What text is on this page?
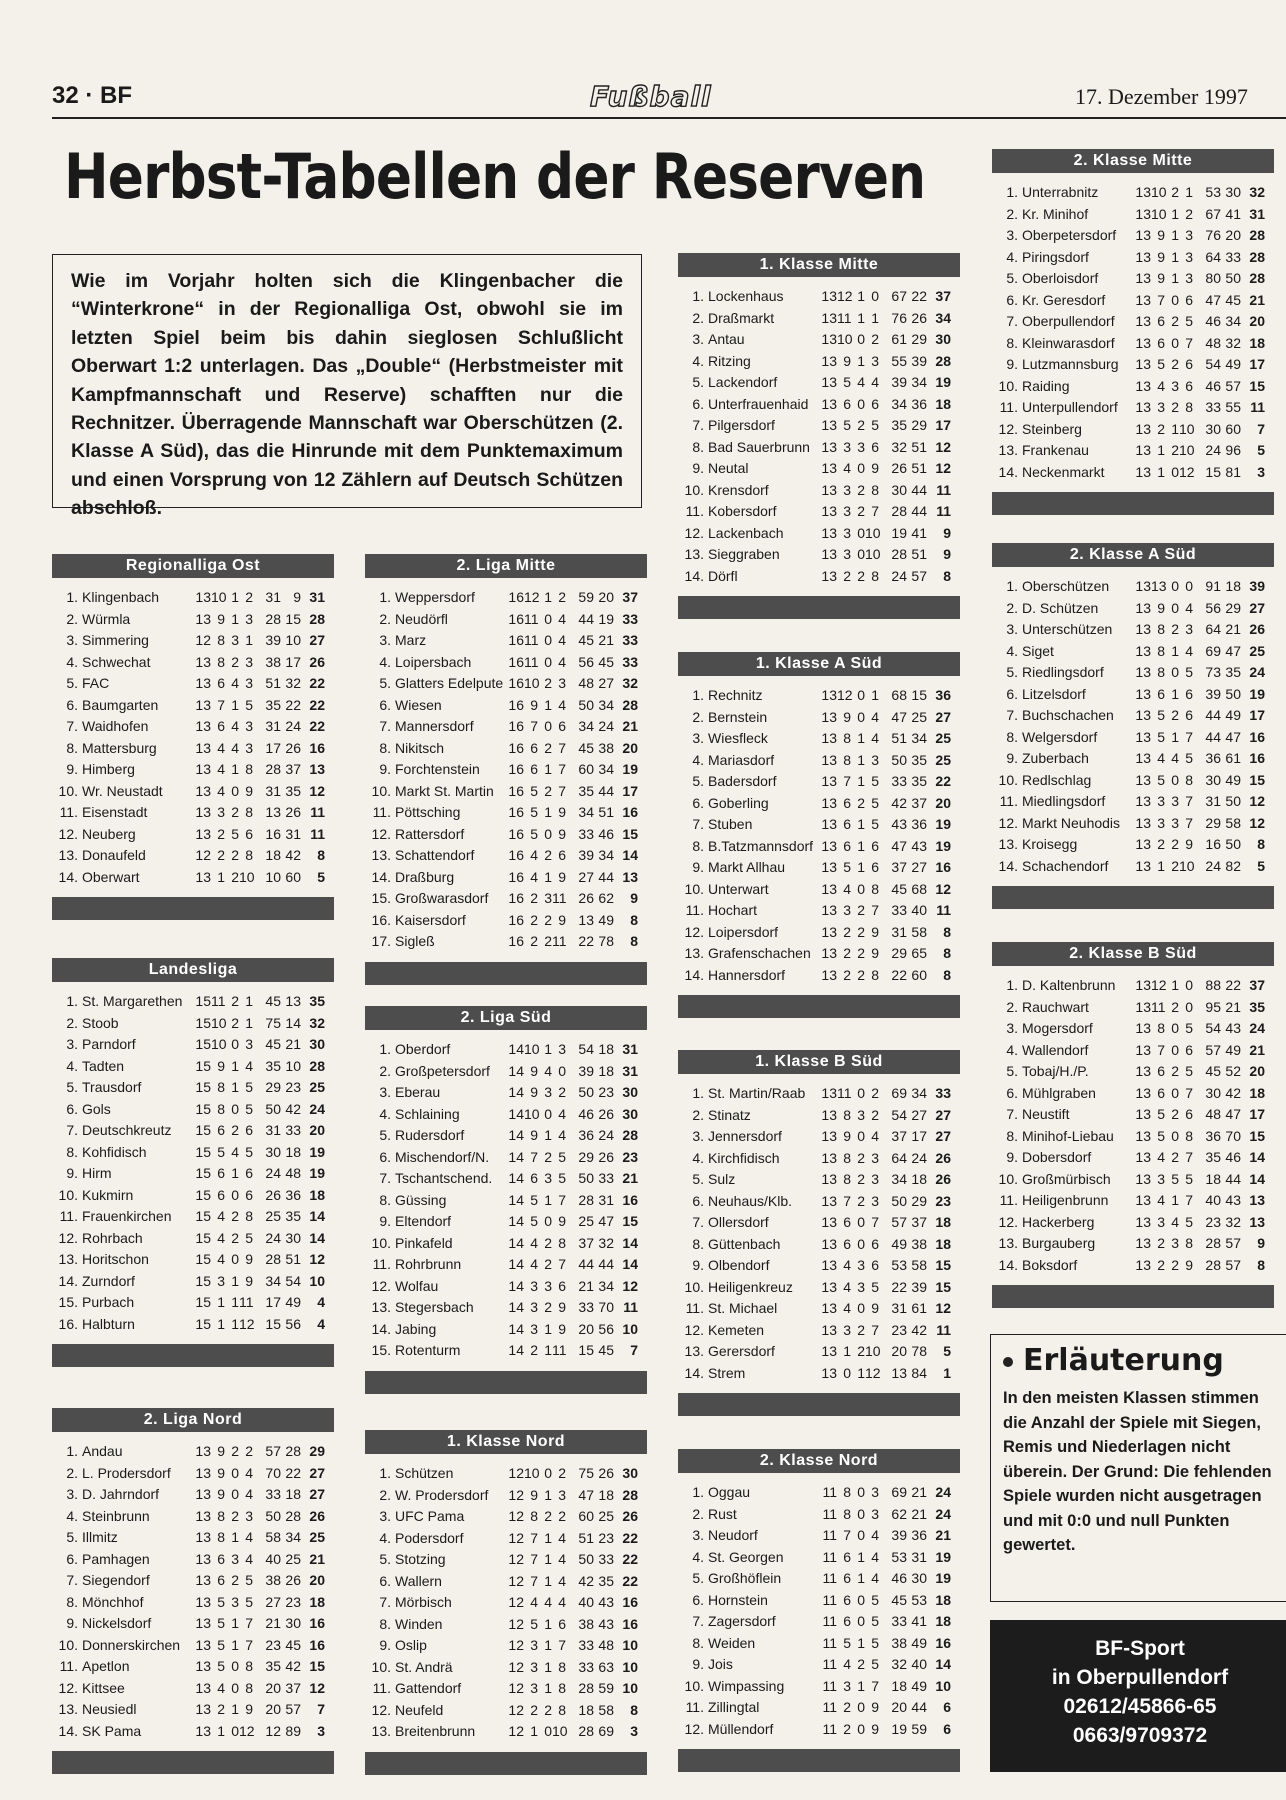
32 · BF	Fußball	17. Dezember 1997
Herbst-Tabellen der Reserven
Wie im Vorjahr holten sich die Klingenbacher die “Winterkrone“ in der Regionalliga Ost, obwohl sie im letzten Spiel beim bis dahin sieglosen Schlußlicht Oberwart 1:2 unterlagen. Das „Double“ (Herbstmeister mit Kampfmannschaft und Reserve) schafften nur die Rechnitzer. Überragende Mannschaft war Oberschützen (2. Klasse A Süd), das die Hinrunde mit dem Punktemaximum und einen Vorsprung von 12 Zählern auf Deutsch Schützen abschloß.
Regionalliga Ost
1. Klingenbach	13 10 1 2 31 9 31
2. Würmla	13 9 1 3 28 15 28
3. Simmering	12 8 3 1 39 10 27
4. Schwechat	13 8 2 3 38 17 26
5. FAC	13 6 4 3 51 32 22
6. Baumgarten	13 7 1 5 35 22 22
7. Waidhofen	13 6 4 3 31 24 22
8. Mattersburg	13 4 4 3 17 26 16
9. Himberg	13 4 1 8 28 37 13
10. Wr. Neustadt	13 4 0 9 31 35 12
11. Eisenstadt	13 3 2 8 13 26 11
12. Neuberg	13 2 5 6 16 31 11
13. Donaufeld	12 2 2 8 18 42	8
14. Oberwart	13 1 2 10 10 60	5
Landesliga
1. St. Margarethen 15 11 2 1 45 13 35
2. Stoob	15 10 2 1 75 14 32
3. Parndorf	15 10 0 3 45 21 30
4. Tadten	15 9 1 4 35 10 28
5. Trausdorf	15 8 1 5 29 23 25
6. Gols	15 8 0 5 50 42 24
7. Deutschkreutz	15 6 2 6 31 33 20
8. Kohfidisch	15 5 4 5 30 18 19
9. Hirm	15 6 1 6 24 48 19
10. Kukmirn	15 6 0 6 26 36 18
11. Frauenkirchen	15 4 2 8 25 35 14
12. Rohrbach	15 4 2 5 24 30 14
13. Horitschon	15 4 0 9 28 51 12
14. Zurndorf	15 3 1 9 34 54 10
15. Purbach	15 1 1 11 17 49	4
16. Halbturn	15 1 1 12 15 56	4
2. Liga Nord
1. Andau	13 9 2 2 57 28 29
2. L. Prodersdorf	13 9 0 4 70 22 27
3. D. Jahrndorf	13 9 0 4 33 18 27
4. Steinbrunn	13 8 2 3 50 28 26
5. Illmitz	13 8 1 4 58 34 25
6. Pamhagen	13 6 3 4 40 25 21
7. Siegendorf	13 6 2 5 38 26 20
8. Mönchhof	13 5 3 5 27 23 18
9. Nickelsdorf	13 5 1 7 21 30 16
10. Donnerskirchen	13 5 1 7 23 45 16
11. Apetlon	13 5 0 8 35 42 15
12. Kittsee	13 4 0 8 20 37 12
13. Neusiedl	13 2 1 9 20 57	7
14. SK Pama	13 1 0 12 12 89	3
2. Liga Mitte
1. Weppersdorf	16 12 1 2 59 20 37
2. Neudörfl	16 11 0 4 44 19 33
3. Marz	16 11 0 4 45 21 33
4. Loipersbach	16 11 0 4 56 45 33
5. Glatters Edelpute 16 10 2 3 48 27 32
6. Wiesen	16 9 1 4 50 34 28
7. Mannersdorf	16 7 0 6 34 24 21
8. Nikitsch	16 6 2 7 45 38 20
9. Forchtenstein	16 6 1 7 60 34 19
10. Markt St. Martin	16 5 2 7 35 44 17
11. Pöttsching	16 5 1 9 34 51 16
12. Rattersdorf	16 5 0 9 33 46 15
13. Schattendorf	16 4 2 6 39 34 14
14. Draßburg	16 4 1 9 27 44 13
15. Großwarasdorf	16 2 3 11 26 62	9
16. Kaisersdorf	16 2 2 9 13 49	8
17. Sigleß	16 2 2 11 22 78	8
2. Liga Süd
1. Oberdorf	14 10 1 3 54 18 31
2. Großpetersdorf	14 9 4 0 39 18 31
3. Eberau	14 9 3 2 50 23 30
4. Schlaining	14 10 0 4 46 26 30
5. Rudersdorf	14 9 1 4 36 24 28
6. Mischendorf/N.	14 7 2 5 29 26 23
7. Tschantschend.	14 6 3 5 50 33 21
8. Güssing	14 5 1 7 28 31 16
9. Eltendorf	14 5 0 9 25 47 15
10. Pinkafeld	14 4 2 8 37 32 14
11. Rohrbrunn	14 4 2 7 44 44 14
12. Wolfau	14 3 3 6 21 34 12
13. Stegersbach	14 3 2 9 33 70 11
14. Jabing	14 3 1 9 20 56 10
15. Rotenturm	14 2 1 11 15 45	7
1. Klasse Nord
1. Schützen	12 10 0 2 75 26 30
2. W. Prodersdorf	12 9 1 3 47 18 28
3. UFC Pama	12 8 2 2 60 25 26
4. Podersdorf	12 7 1 4 51 23 22
5. Stotzing	12 7 1 4 50 33 22
6. Wallern	12 7 1 4 42 35 22
7. Mörbisch	12 4 4 4 40 43 16
8. Winden	12 5 1 6 38 43 16
9. Oslip	12 3 1 7 33 48 10
10. St. Andrä	12 3 1 8 33 63 10
11. Gattendorf	12 3 1 8 28 59 10
12. Neufeld	12 2 2 8 18 58	8
13. Breitenbrunn	12 1 0 10 28 69	3
1. Klasse Mitte
1. Lockenhaus	13 12 1 0 67 22 37
2. Draßmarkt	13 11 1 1 76 26 34
3. Antau	13 10 0 2 61 29 30
4. Ritzing	13 9 1 3 55 39 28
5. Lackendorf	13 5 4 4 39 34 19
6. Unterfrauenhaid 13 6 0 6 34 36 18
7. Pilgersdorf	13 5 2 5 35 29 17
8. Bad Sauerbrunn 13 3 3 6 32 51 12
9. Neutal	13 4 0 9 26 51 12
10. Krensdorf	13 3 2 8 30 44 11
11. Kobersdorf	13 3 2 7 28 44 11
12. Lackenbach	13 3 0 10 19 41	9
13. Sieggraben	13 3 0 10 28 51	9
14. Dörfl	13 2 2 8 24 57	8
1. Klasse A Süd
1. Rechnitz	13 12 0 1 68 15 36
2. Bernstein	13 9 0 4 47 25 27
3. Wiesfleck	13 8 1 4 51 34 25
4. Mariasdorf	13 8 1 3 50 35 25
5. Badersdorf	13 7 1 5 33 35 22
6. Goberling	13 6 2 5 42 37 20
7. Stuben	13 6 1 5 43 36 19
8. B.Tatzmannsdorf 13 6 1 6 47 43 19
9. Markt Allhau	13 5 1 6 37 27 16
10. Unterwart	13 4 0 8 45 68 12
11. Hochart	13 3 2 7 33 40 11
12. Loipersdorf	13 2 2 9 31 58	8
13. Grafenschachen 13 2 2 9 29 65	8
14. Hannersdorf	13 2 2 8 22 60	8
1. Klasse B Süd
1. St. Martin/Raab	13 11 0 2 69 34 33
2. Stinatz	13 8 3 2 54 27 27
3. Jennersdorf	13 9 0 4 37 17 27
4. Kirchfidisch	13 8 2 3 64 24 26
5. Sulz	13 8 2 3 34 18 26
6. Neuhaus/Klb.	13 7 2 3 50 29 23
7. Ollersdorf	13 6 0 7 57 37 18
8. Güttenbach	13 6 0 6 49 38 18
9. Olbendorf	13 4 3 6 53 58 15
10. Heiligenkreuz	13 4 3 5 22 39 15
11. St. Michael	13 4 0 9 31 61 12
12. Kemeten	13 3 2 7 23 42 11
13. Gerersdorf	13 1 2 10 20 78	5
14. Strem	13 0 1 12 13 84	1
2. Klasse Nord
1. Oggau	11 8 0 3 69 21 24
2. Rust	11 8 0 3 62 21 24
3. Neudorf	11 7 0 4 39 36 21
4. St. Georgen	11 6 1 4 53 31 19
5. Großhöflein	11 6 1 4 46 30 19
6. Hornstein	11 6 0 5 45 53 18
7. Zagersdorf	11 6 0 5 33 41 18
8. Weiden	11 5 1 5 38 49 16
9. Jois	11 4 2 5 32 40 14
10. Wimpassing	11 3 1 7 18 49 10
11. Zillingtal	11 2 0 9 20 44	6
12. Müllendorf	11 2 0 9 19 59	6
2. Klasse Mitte
1. Unterrabnitz	13 10 2 1 53 30 32
2. Kr. Minihof	13 10 1 2 67 41 31
3. Oberpetersdorf	13 9 1 3 76 20 28
4. Piringsdorf	13 9 1 3 64 33 28
5. Oberloisdorf	13 9 1 3 80 50 28
6. Kr. Geresdorf	13 7 0 6 47 45 21
7. Oberpullendorf	13 6 2 5 46 34 20
8. Kleinwarasdorf	13 6 0 7 48 32 18
9. Lutzmannsburg	13 5 2 6 54 49 17
10. Raiding	13 4 3 6 46 57 15
11. Unterpullendorf	13 3 2 8 33 55 11
12. Steinberg	13 2 1 10 30 60	7
13. Frankenau	13 1 2 10 24 96	5
14. Neckenmarkt	13 1 0 12 15 81	3
2. Klasse A Süd
1. Oberschützen	13 13 0 0 91 18 39
2. D. Schützen	13 9 0 4 56 29 27
3. Unterschützen	13 8 2 3 64 21 26
4. Siget	13 8 1 4 69 47 25
5. Riedlingsdorf	13 8 0 5 73 35 24
6. Litzelsdorf	13 6 1 6 39 50 19
7. Buchschachen	13 5 2 6 44 49 17
8. Welgersdorf	13 5 1 7 44 47 16
9. Zuberbach	13 4 4 5 36 61 16
10. Redlschlag	13 5 0 8 30 49 15
11. Miedlingsdorf	13 3 3 7 31 50 12
12. Markt Neuhodis	13 3 3 7 29 58 12
13. Kroisegg	13 2 2 9 16 50	8
14. Schachendorf	13 1 2 10 24 82	5
2. Klasse B Süd
1. D. Kaltenbrunn	13 12 1 0 88 22 37
2. Rauchwart	13 11 2 0 95 21 35
3. Mogersdorf	13 8 0 5 54 43 24
4. Wallendorf	13 7 0 6 57 49 21
5. Tobaj/H./P.	13 6 2 5 45 52 20
6. Mühlgraben	13 6 0 7 30 42 18
7. Neustift	13 5 2 6 48 47 17
8. Minihof-Liebau	13 5 0 8 36 70 15
9. Dobersdorf	13 4 2 7 35 46 14
10. Großmürbisch	13 3 5 5 18 44 14
11. Heiligenbrunn	13 4 1 7 40 43 13
12. Hackerberg	13 3 4 5 23 32 13
13. Burgauberg	13 2 3 8 28 57	9
14. Boksdorf	13 2 2 9 28 57	8
Erläuterung
In den meisten Klassen stimmen die Anzahl der Spiele mit Siegen, Remis und Niederlagen nicht überein. Der Grund: Die fehlenden Spiele wurden nicht ausgetragen und mit 0:0 und null Punkten gewertet.
BF-Sport
in Oberpullendorf
02612/45866-65
0663/9709372
